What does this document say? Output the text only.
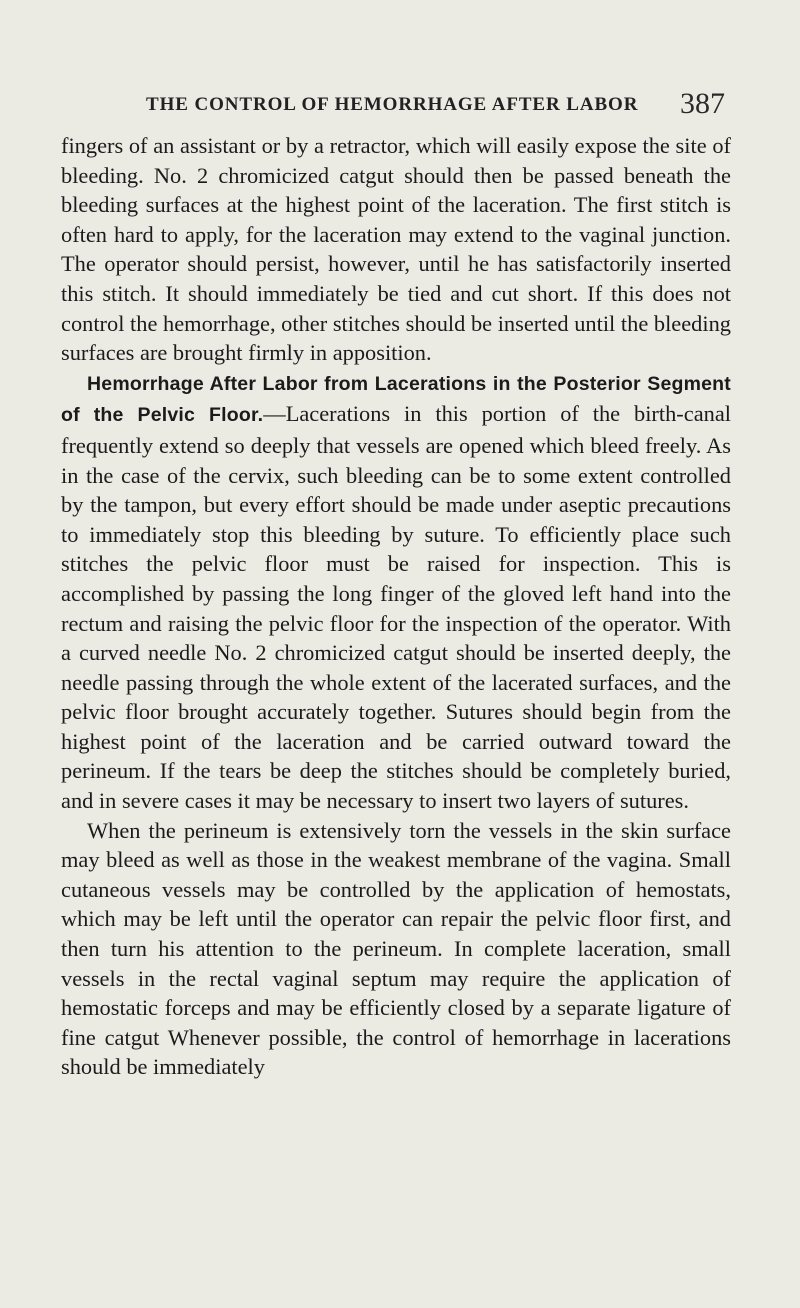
THE CONTROL OF HEMORRHAGE AFTER LABOR 387

fingers of an assistant or by a retractor, which will easily expose the site of bleeding. No. 2 chromicized catgut should then be passed beneath the bleeding surfaces at the highest point of the laceration. The first stitch is often hard to apply, for the laceration may extend to the vaginal junction. The operator should persist, however, until he has satisfactorily inserted this stitch. It should immediately be tied and cut short. If this does not control the hemorrhage, other stitches should be inserted until the bleeding surfaces are brought firmly in apposition.

Hemorrhage After Labor from Lacerations in the Posterior Segment of the Pelvic Floor.—Lacerations in this portion of the birth-canal frequently extend so deeply that vessels are opened which bleed freely. As in the case of the cervix, such bleeding can be to some extent controlled by the tampon, but every effort should be made under aseptic precautions to immediately stop this bleeding by suture. To efficiently place such stitches the pelvic floor must be raised for inspection. This is accomplished by passing the long finger of the gloved left hand into the rectum and raising the pelvic floor for the inspection of the operator. With a curved needle No. 2 chromicized catgut should be inserted deeply, the needle passing through the whole extent of the lacerated surfaces, and the pelvic floor brought accurately together. Sutures should begin from the highest point of the laceration and be carried outward toward the perineum. If the tears be deep the stitches should be completely buried, and in severe cases it may be necessary to insert two layers of sutures.

When the perineum is extensively torn the vessels in the skin surface may bleed as well as those in the weakest membrane of the vagina. Small cutaneous vessels may be controlled by the application of hemostats, which may be left until the operator can repair the pelvic floor first, and then turn his attention to the perineum. In complete laceration, small vessels in the rectal vaginal septum may require the application of hemostatic forceps and may be efficiently closed by a separate ligature of fine catgut Whenever possible, the control of hemorrhage in lacerations should be immediately
